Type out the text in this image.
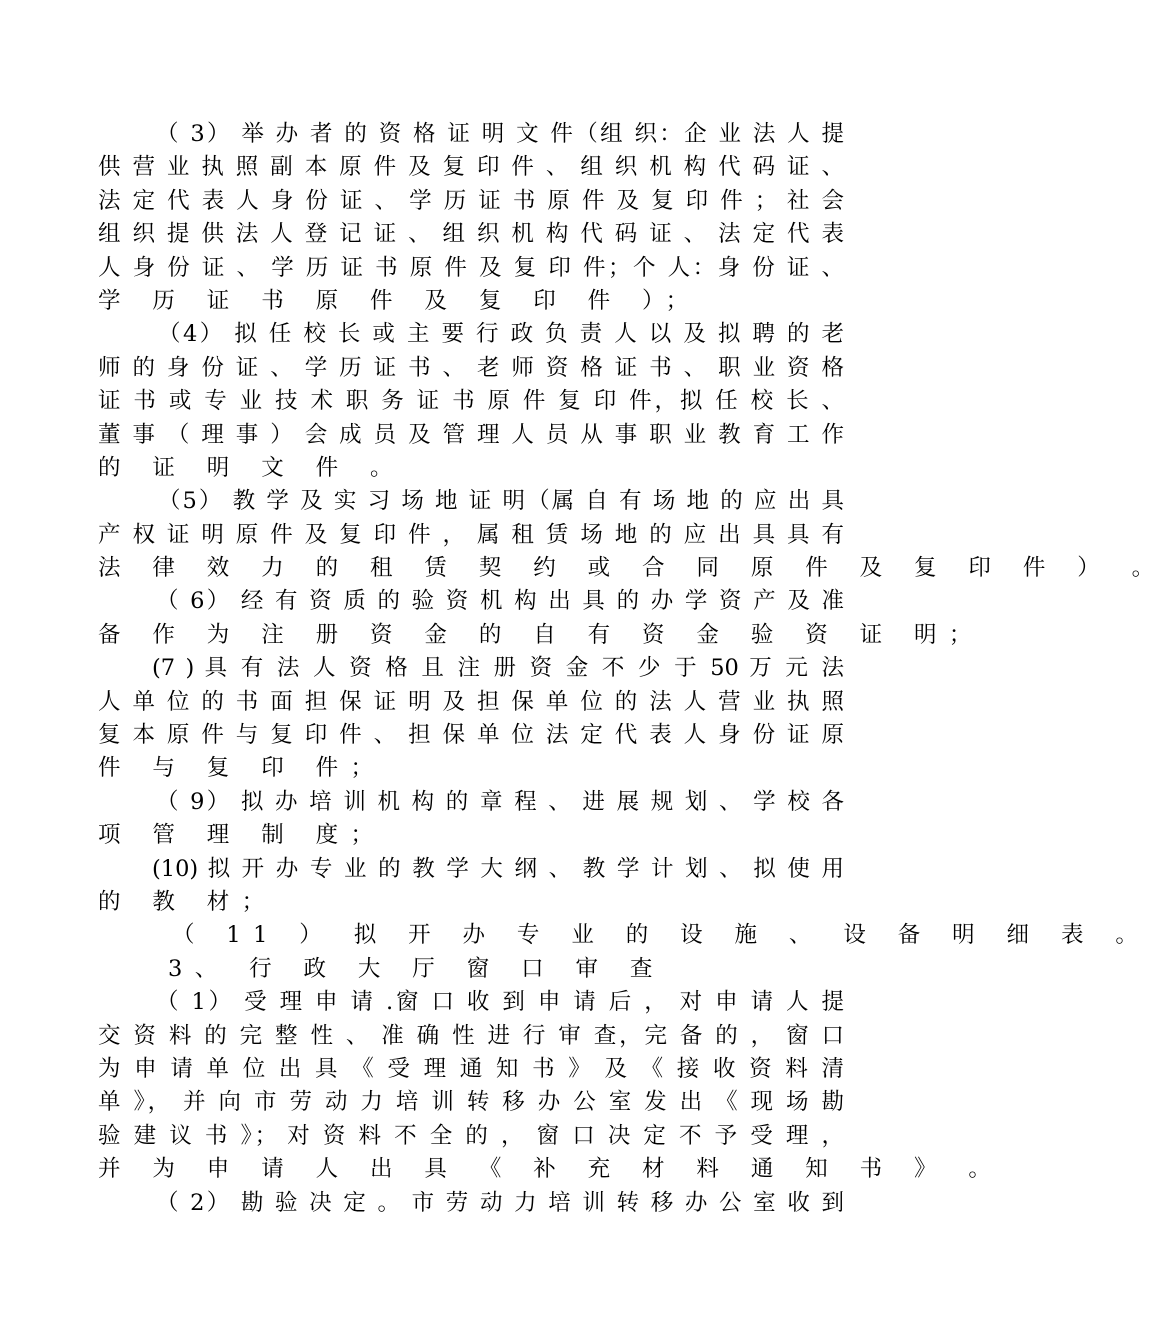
（ 3） 举 办 者 的 资 格 证 明 文 件（组 织：企 业 法 人 提
供 营 业 执 照 副 本 原 件 及 复 印 件 、 组 织 机 构 代 码 证 、
法 定 代 表 人 身 份 证 、 学 历 证 书 原 件 及 复 印 件 ； 社 会
组 织 提 供 法 人 登 记 证 、 组 织 机 构 代 码 证 、 法 定 代 表
人 身 份 证 、 学 历 证 书 原 件 及 复 印 件；个 人：身 份 证 、
学 历 证 书 原 件 及 复 印 件 ）；
（4） 拟 任 校 长 或 主 要 行 政 负 责 人 以 及 拟 聘 的 老
师 的 身 份 证 、 学 历 证 书 、 老 师 资 格 证 书 、 职 业 资 格
证 书 或 专 业 技 术 职 务 证 书 原 件 复 印 件，拟 任 校 长 、
董 事 （ 理 事 ） 会 成 员 及 管 理 人 员 从 事 职 业 教 育 工 作
的 证 明 文 件 。
（5） 教 学 及 实 习 场 地 证 明（属 自 有 场 地 的 应 出 具
产 权 证 明 原 件 及 复 印 件 ， 属 租 赁 场 地 的 应 出 具 具 有
法 律 效 力 的 租 赁 契 约 或 合 同 原 件 及 复 印 件 ） 。
（ 6） 经 有 资 质 的 验 资 机 构 出 具 的 办 学 资 产 及 准
备 作 为 注 册 资 金 的 自 有 资 金 验 资 证 明；
(7 ) 具 有 法 人 资 格 且 注 册 资 金 不 少 于 50 万 元 法
人 单 位 的 书 面 担 保 证 明 及 担 保 单 位 的 法 人 营 业 执 照
复 本 原 件 与 复 印 件 、 担 保 单 位 法 定 代 表 人 身 份 证 原
件 与 复 印 件；
（ 9） 拟 办 培 训 机 构 的 章 程 、 进 展 规 划 、 学 校 各
项 管 理 制 度；
(10) 拟 开 办 专 业 的 教 学 大 纲 、 教 学 计 划 、 拟 使 用
的 教 材；
（ 11 ） 拟 开 办 专 业 的 设 施 、 设 备 明 细 表 。
3、 行 政 大 厅 窗 口 审 查
（ 1） 受 理 申 请 .窗 口 收 到 申 请 后 ， 对 申 请 人 提
交 资 料 的 完 整 性 、 准 确 性 进 行 审 查，完 备 的 ， 窗 口
为 申 请 单 位 出 具 《 受 理 通 知 书 》 及 《 接 收 资 料 清
单 》， 并 向 市 劳 动 力 培 训 转 移 办 公 室 发 出 《 现 场 勘
验 建 议 书 》； 对 资 料 不 全 的 ， 窗 口 决 定 不 予 受 理 ，
并 为 申 请 人 出 具 《 补 充 材 料 通 知 书 》 。
（ 2） 勘 验 决 定 。 市 劳 动 力 培 训 转 移 办 公 室 收 到
